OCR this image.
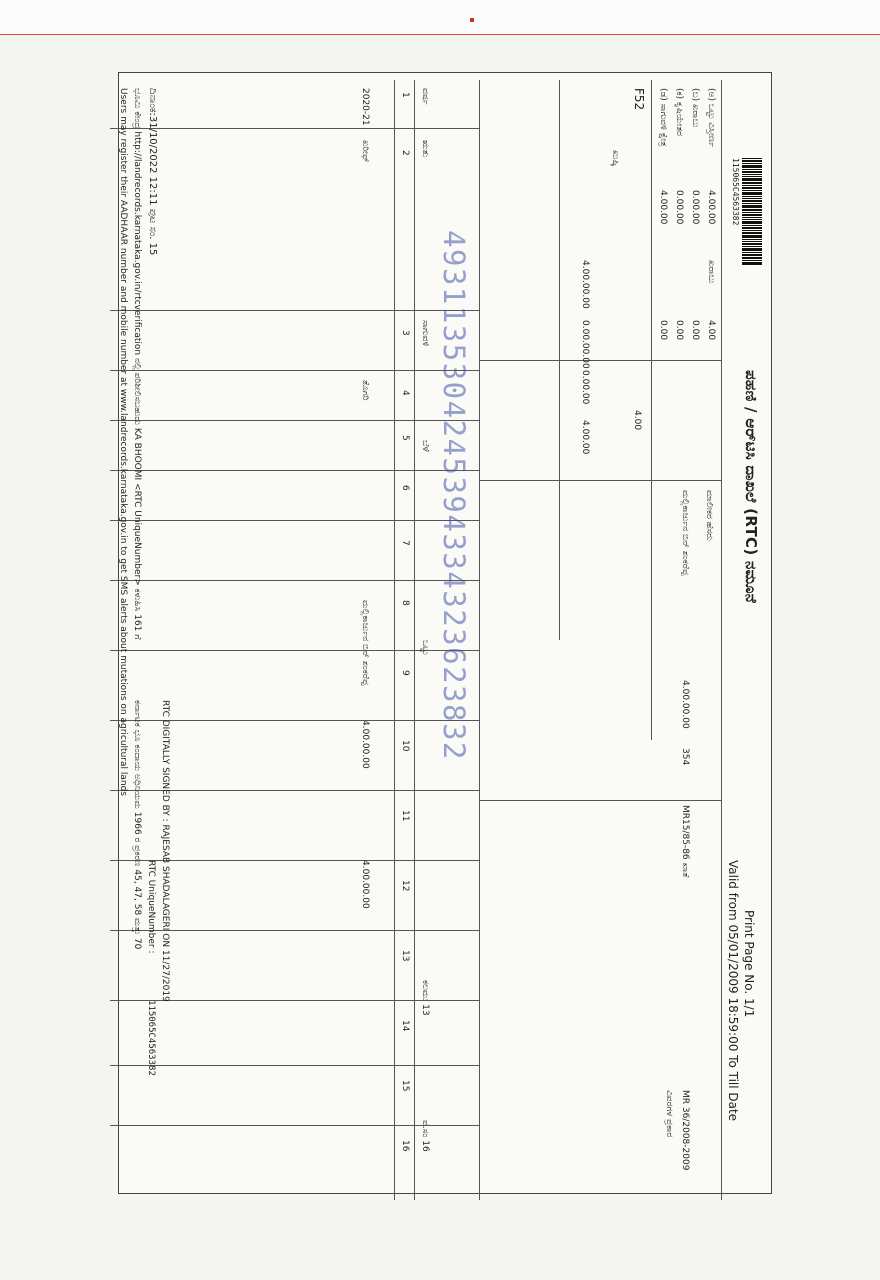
115065C4563382
ಪಹಣಿ / ಆರ್‌ಟಿಸಿ ದಾಖಲೆ (RTC) ನಮೂನೆ
Print Page No. 1/1
Valid from 05/01/2009 18:59:00 To Till Date
(ಅ) ಒಟ್ಟು ವಿಸ್ತೀರ್ಣ
4.00.00
(ಬ) ಖರಾಬು
0.00.00
(ಕ) ಕೃಷಿಯೇತರ
0.00.00
(ಡ) ಸಾಗುವಳಿ ಕ್ಷೇತ್ರ
4.00.00
ಖರಾಬು
4.00
0.00
0.00
0.00
F52
ಖುಷ್ಕಿ
4.00.00.00
0.00.00.00
0.00.00
4.00.00	4.00
ಮಾಲೀಕರ ಹೆಸರು
ಮಲ್ಲಿಕಾರ್ಜುನ ಬಿನ್ ಶಂಕರೆಪ್ಪ
4.00.00.00
354
MR15/85-86 ಖಾತೆ
MR 36/2008-2009
ವಿವರಗಳ ಪ್ರಕಾರ
ವರ್ಷ
ಋತು
ಸಾಗುವಳಿ
ಬೆಳೆ
ಒಟ್ಟು
ಕಲಮು 13
ಪ.ಸಂ 16
1
2
3
4
5
6
7
8
9
10
11
12
13
14
15
16
2020-21
ಖರೀಫ್
ತೊಗರಿ
4.00.00.00
4.00.00.00
ಮಲ್ಲಿಕಾರ್ಜುನ ಬಿನ್ ಶಂಕರೆಪ್ಪ 4931135304245394334323623832
RTC DIGITALLY SIGNED BY : RAJESAB SHADALAGERI ON 11/27/2019
RTC UniqueNumber :
115065C4563382
ಕರ್ನಾಟಕ ಭೂ ಕಂದಾಯ ಅಧಿನಿಯಮ 1966 ರ ಪ್ರಕರಣ 45, 47, 58 ಮತ್ತು 70
ದಿನಾಂಕ:31/10/2022 12:11 ಪುಟ ಸಂ. 15
ಭೂಮಿ ಕೇಂದ್ರ http://landrecords.karnataka.gov.in/rtcverification ನಲ್ಲಿ ಪರಿಶೀಲಿಸಬಹುದು KA BHOOMI <RTC UniqueNumber> ಕಳುಹಿಸಿ 161 ಗೆ
Users may register their AADHAAR number and mobile number at www.landrecords.karnataka.gov.in to get SMS alerts about mutations on agricultural lands
